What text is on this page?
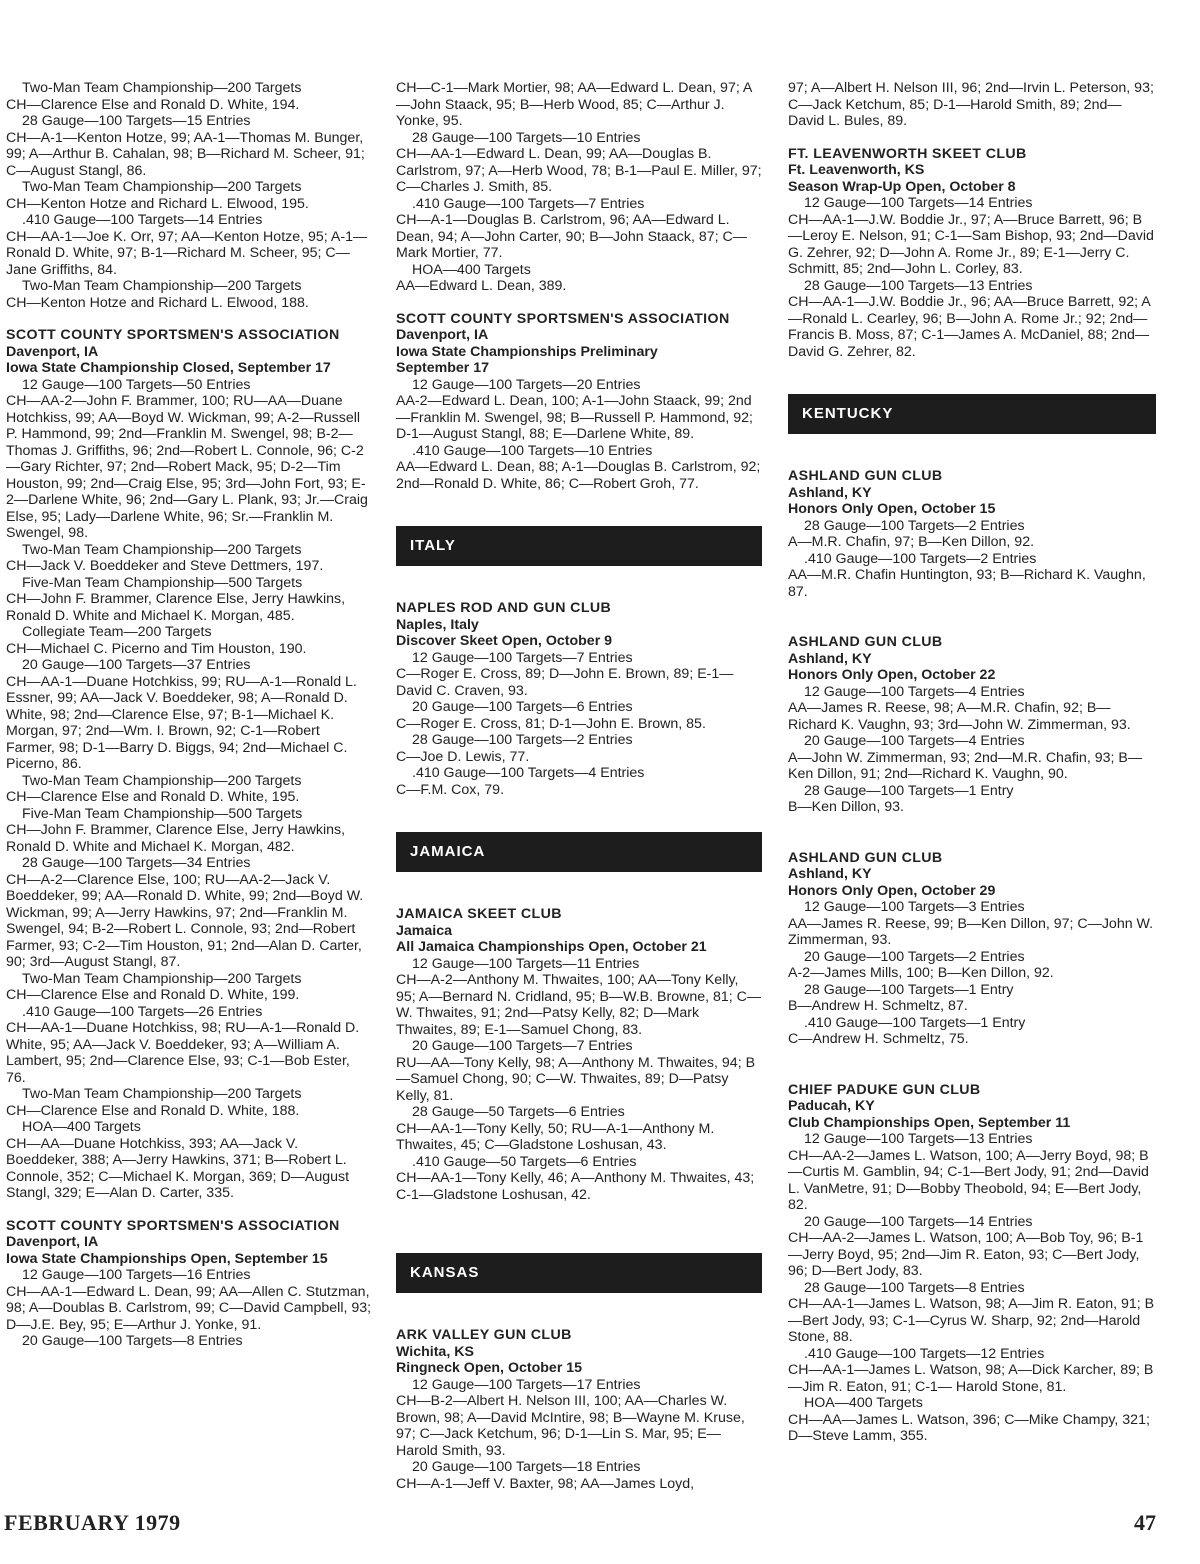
Two-Man Team Championship—200 Targets

CH—Clarence Else and Ronald D. White, 194.

28 Gauge—100 Targets—15 Entries

CH—A-1—Kenton Hotze, 99; AA-1—Thomas M. Bunger, 99; A—Arthur B. Cahalan, 98; B—Richard M. Scheer, 91; C—August Stangl, 86.

Two-Man Team Championship—200 Targets

CH—Kenton Hotze and Richard L. Elwood, 195.

.410 Gauge—100 Targets—14 Entries

CH—AA-1—Joe K. Orr, 97; AA—Kenton Hotze, 95; A-1—Ronald D. White, 97; B-1—Richard M. Scheer, 95; C—Jane Griffiths, 84.

Two-Man Team Championship—200 Targets

CH—Kenton Hotze and Richard L. Elwood, 188.

SCOTT COUNTY SPORTSMEN'S ASSOCIATION

Davenport, IA

Iowa State Championship Closed, September 17

12 Gauge—100 Targets—50 Entries

CH—AA-2—John F. Brammer, 100; RU—AA—Duane Hotchkiss, 99; AA—Boyd W. Wickman, 99; A-2—Russell P. Hammond, 99; 2nd—Franklin M. Swengel, 98; B-2—Thomas J. Griffiths, 96; 2nd—Robert L. Connole, 96; C-2—Gary Richter, 97; 2nd—Robert Mack, 95; D-2—Tim Houston, 99; 2nd—Craig Else, 95; 3rd—John Fort, 93; E-2—Darlene White, 96; 2nd—Gary L. Plank, 93; Jr.—Craig Else, 95; Lady—Darlene White, 96; Sr.—Franklin M. Swengel, 98.

Two-Man Team Championship—200 Targets

CH—Jack V. Boeddeker and Steve Dettmers, 197.

Five-Man Team Championship—500 Targets

CH—John F. Brammer, Clarence Else, Jerry Hawkins, Ronald D. White and Michael K. Morgan, 485.

Collegiate Team—200 Targets

CH—Michael C. Picerno and Tim Houston, 190.

20 Gauge—100 Targets—37 Entries

CH—AA-1—Duane Hotchkiss, 99; RU—A-1—Ronald L. Essner, 99; AA—Jack V. Boeddeker, 98; A—Ronald D. White, 98; 2nd—Clarence Else, 97; B-1—Michael K. Morgan, 97; 2nd—Wm. I. Brown, 92; C-1—Robert Farmer, 98; D-1—Barry D. Biggs, 94; 2nd—Michael C. Picerno, 86.

Two-Man Team Championship—200 Targets

CH—Clarence Else and Ronald D. White, 195.

Five-Man Team Championship—500 Targets

CH—John F. Brammer, Clarence Else, Jerry Hawkins, Ronald D. White and Michael K. Morgan, 482.

28 Gauge—100 Targets—34 Entries

CH—A-2—Clarence Else, 100; RU—AA-2—Jack V. Boeddeker, 99; AA—Ronald D. White, 99; 2nd—Boyd W. Wickman, 99; A—Jerry Hawkins, 97; 2nd—Franklin M. Swengel, 94; B-2—Robert L. Connole, 93; 2nd—Robert Farmer, 93; C-2—Tim Houston, 91; 2nd—Alan D. Carter, 90; 3rd—August Stangl, 87.

Two-Man Team Championship—200 Targets

CH—Clarence Else and Ronald D. White, 199.

.410 Gauge—100 Targets—26 Entries

CH—AA-1—Duane Hotchkiss, 98; RU—A-1—Ronald D. White, 95; AA—Jack V. Boeddeker, 93; A—William A. Lambert, 95; 2nd—Clarence Else, 93; C-1—Bob Ester, 76.

Two-Man Team Championship—200 Targets

CH—Clarence Else and Ronald D. White, 188.

HOA—400 Targets

CH—AA—Duane Hotchkiss, 393; AA—Jack V. Boeddeker, 388; A—Jerry Hawkins, 371; B—Robert L. Connole, 352; C—Michael K. Morgan, 369; D—August Stangl, 329; E—Alan D. Carter, 335.

SCOTT COUNTY SPORTSMEN'S ASSOCIATION

Davenport, IA

Iowa State Championships Open, September 15

12 Gauge—100 Targets—16 Entries

CH—AA-1—Edward L. Dean, 99; AA—Allen C. Stutzman, 98; A—Doublas B. Carlstrom, 99; C—David Campbell, 93; D—J.E. Bey, 95; E—Arthur J. Yonke, 91.

20 Gauge—100 Targets—8 Entries

CH—C-1—Mark Mortier, 98; AA—Edward L. Dean, 97; A—John Staack, 95; B—Herb Wood, 85; C—Arthur J. Yonke, 95.

28 Gauge—100 Targets—10 Entries

CH—AA-1—Edward L. Dean, 99; AA—Douglas B. Carlstrom, 97; A—Herb Wood, 78; B-1—Paul E. Miller, 97; C—Charles J. Smith, 85.

.410 Gauge—100 Targets—7 Entries

CH—A-1—Douglas B. Carlstrom, 96; AA—Edward L. Dean, 94; A—John Carter, 90; B—John Staack, 87; C—Mark Mortier, 77.

HOA—400 Targets

AA—Edward L. Dean, 389.

SCOTT COUNTY SPORTSMEN'S ASSOCIATION

Davenport, IA

Iowa State Championships Preliminary

September 17

12 Gauge—100 Targets—20 Entries

AA-2—Edward L. Dean, 100; A-1—John Staack, 99; 2nd—Franklin M. Swengel, 98; B—Russell P. Hammond, 92; D-1—August Stangl, 88; E—Darlene White, 89.

.410 Gauge—100 Targets—10 Entries

AA—Edward L. Dean, 88; A-1—Douglas B. Carlstrom, 92; 2nd—Ronald D. White, 86; C—Robert Groh, 77.

ITALY

NAPLES ROD AND GUN CLUB

Naples, Italy

Discover Skeet Open, October 9

12 Gauge—100 Targets—7 Entries

C—Roger E. Cross, 89; D—John E. Brown, 89; E-1—David C. Craven, 93.

20 Gauge—100 Targets—6 Entries

C—Roger E. Cross, 81; D-1—John E. Brown, 85.

28 Gauge—100 Targets—2 Entries

C—Joe D. Lewis, 77.

.410 Gauge—100 Targets—4 Entries

C—F.M. Cox, 79.

JAMAICA

JAMAICA SKEET CLUB

Jamaica

All Jamaica Championships Open, October 21

12 Gauge—100 Targets—11 Entries

CH—A-2—Anthony M. Thwaites, 100; AA—Tony Kelly, 95; A—Bernard N. Cridland, 95; B—W.B. Browne, 81; C—W. Thwaites, 91; 2nd—Patsy Kelly, 82; D—Mark Thwaites, 89; E-1—Samuel Chong, 83.

20 Gauge—100 Targets—7 Entries

RU—AA—Tony Kelly, 98; A—Anthony M. Thwaites, 94; B—Samuel Chong, 90; C—W. Thwaites, 89; D—Patsy Kelly, 81.

28 Gauge—50 Targets—6 Entries

CH—AA-1—Tony Kelly, 50; RU—A-1—Anthony M. Thwaites, 45; C—Gladstone Loshusan, 43.

.410 Gauge—50 Targets—6 Entries

CH—AA-1—Tony Kelly, 46; A—Anthony M. Thwaites, 43; C-1—Gladstone Loshusan, 42.

KANSAS

ARK VALLEY GUN CLUB

Wichita, KS

Ringneck Open, October 15

12 Gauge—100 Targets—17 Entries

CH—B-2—Albert H. Nelson III, 100; AA—Charles W. Brown, 98; A—David McIntire, 98; B—Wayne M. Kruse, 97; C—Jack Ketchum, 96; D-1—Lin S. Mar, 95; E—Harold Smith, 93.

20 Gauge—100 Targets—18 Entries

CH—A-1—Jeff V. Baxter, 98; AA—James Loyd,

97; A—Albert H. Nelson III, 96; 2nd—Irvin L. Peterson, 93; C—Jack Ketchum, 85; D-1—Harold Smith, 89; 2nd—David L. Bules, 89.

FT. LEAVENWORTH SKEET CLUB

Ft. Leavenworth, KS

Season Wrap-Up Open, October 8

12 Gauge—100 Targets—14 Entries

CH—AA-1—J.W. Boddie Jr., 97; A—Bruce Barrett, 96; B—Leroy E. Nelson, 91; C-1—Sam Bishop, 93; 2nd—David G. Zehrer, 92; D—John A. Rome Jr., 89; E-1—Jerry C. Schmitt, 85; 2nd—John L. Corley, 83.

28 Gauge—100 Targets—13 Entries

CH—AA-1—J.W. Boddie Jr., 96; AA—Bruce Barrett, 92; A—Ronald L. Cearley, 96; B—John A. Rome Jr.; 92; 2nd—Francis B. Moss, 87; C-1—James A. McDaniel, 88; 2nd—David G. Zehrer, 82.

KENTUCKY

ASHLAND GUN CLUB

Ashland, KY

Honors Only Open, October 15

28 Gauge—100 Targets—2 Entries

A—M.R. Chafin, 97; B—Ken Dillon, 92.

.410 Gauge—100 Targets—2 Entries

AA—M.R. Chafin Huntington, 93; B—Richard K. Vaughn, 87.

ASHLAND GUN CLUB

Ashland, KY

Honors Only Open, October 22

12 Gauge—100 Targets—4 Entries

AA—James R. Reese, 98; A—M.R. Chafin, 92; B—Richard K. Vaughn, 93; 3rd—John W. Zimmerman, 93.

20 Gauge—100 Targets—4 Entries

A—John W. Zimmerman, 93; 2nd—M.R. Chafin, 93; B—Ken Dillon, 91; 2nd—Richard K. Vaughn, 90.

28 Gauge—100 Targets—1 Entry

B—Ken Dillon, 93.

ASHLAND GUN CLUB

Ashland, KY

Honors Only Open, October 29

12 Gauge—100 Targets—3 Entries

AA—James R. Reese, 99; B—Ken Dillon, 97; C—John W. Zimmerman, 93.

20 Gauge—100 Targets—2 Entries

A-2—James Mills, 100; B—Ken Dillon, 92.

28 Gauge—100 Targets—1 Entry

B—Andrew H. Schmeltz, 87.

.410 Gauge—100 Targets—1 Entry

C—Andrew H. Schmeltz, 75.

CHIEF PADUKE GUN CLUB

Paducah, KY

Club Championships Open, September 11

12 Gauge—100 Targets—13 Entries

CH—AA-2—James L. Watson, 100; A—Jerry Boyd, 98; B—Curtis M. Gamblin, 94; C-1—Bert Jody, 91; 2nd—David L. VanMetre, 91; D—Bobby Theobold, 94; E—Bert Jody, 82.

20 Gauge—100 Targets—14 Entries

CH—AA-2—James L. Watson, 100; A—Bob Toy, 96; B-1—Jerry Boyd, 95; 2nd—Jim R. Eaton, 93; C—Bert Jody, 96; D—Bert Jody, 83.

28 Gauge—100 Targets—8 Entries

CH—AA-1—James L. Watson, 98; A—Jim R. Eaton, 91; B—Bert Jody, 93; C-1—Cyrus W. Sharp, 92; 2nd—Harold Stone, 88.

.410 Gauge—100 Targets—12 Entries

CH—AA-1—James L. Watson, 98; A—Dick Karcher, 89; B—Jim R. Eaton, 91; C-1— Harold Stone, 81.

HOA—400 Targets

CH—AA—James L. Watson, 396; C—Mike Champy, 321; D—Steve Lamm, 355.

FEBRUARY 1979	47
